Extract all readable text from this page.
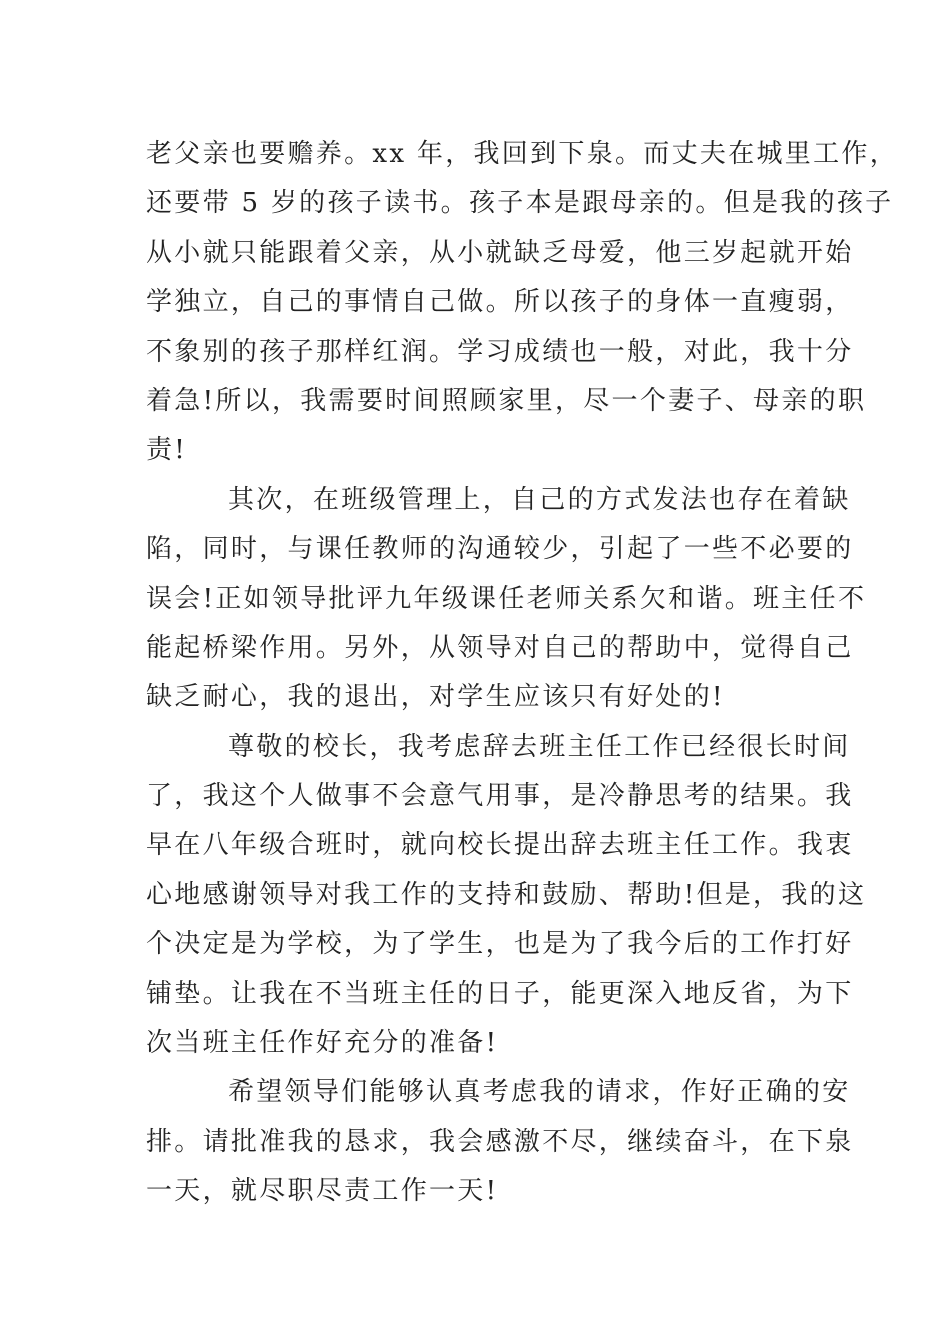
老父亲也要赡养。xx 年，我回到下泉。而丈夫在城里工作，
还要带 5 岁的孩子读书。孩子本是跟母亲的。但是我的孩子
从小就只能跟着父亲，从小就缺乏母爱，他三岁起就开始
学独立，自己的事情自己做。所以孩子的身体一直瘦弱，
不象别的孩子那样红润。学习成绩也一般，对此，我十分
着急!所以，我需要时间照顾家里，尽一个妻子、母亲的职
责!
其次，在班级管理上，自己的方式发法也存在着缺
陷，同时，与课任教师的沟通较少，引起了一些不必要的
误会!正如领导批评九年级课任老师关系欠和谐。班主任不
能起桥梁作用。另外，从领导对自己的帮助中，觉得自己
缺乏耐心，我的退出，对学生应该只有好处的!
尊敬的校长，我考虑辞去班主任工作已经很长时间
了，我这个人做事不会意气用事，是冷静思考的结果。我
早在八年级合班时，就向校长提出辞去班主任工作。我衷
心地感谢领导对我工作的支持和鼓励、帮助!但是，我的这
个决定是为学校，为了学生，也是为了我今后的工作打好
铺垫。让我在不当班主任的日子，能更深入地反省，为下
次当班主任作好充分的准备!
希望领导们能够认真考虑我的请求，作好正确的安
排。请批准我的恳求，我会感激不尽，继续奋斗，在下泉
一天，就尽职尽责工作一天!
